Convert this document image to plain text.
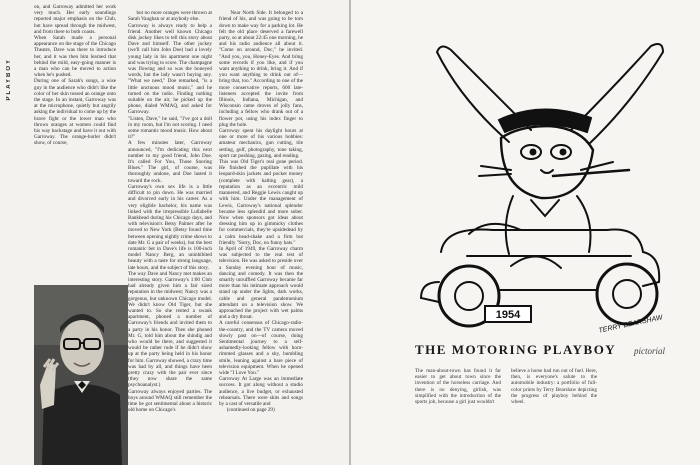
PLAYBOY
on, and Garroway admitted her work very much. Her early soundings reported major emphasis on the Club, but have spread through the midwest, and from there to both coasts.
When Sarah made a personal appearance on the stage of the Chicago Theatre, Dave was there to introduce her, and it was then him learned that behind the mild, easy-going manner is a man who can be moved to action when he's pushed.
During one of Sarah's songs, a wise guy in the audience who didn't like the color of her skin tossed an orange onto the stage. In an instant, Garroway was at the microphone, quietly but angrily asking the individual to come up by the brave fight or the lower man who throws oranges at women could find his way backstage and have it out with Garroway. The orange-hurler didn't show, of course,

but no more oranges were thrown at Sarah Vaughan or at anybody else.
Garroway is always ready to help a friend. Another well known Chicago disk jockey likes to tell this story about Dave and himself. The other jockey (we'll call him John Doe) had a lovely young lady in his apartment one night and was trying to score. The champagne was flowing and so was the honeyed words, but the lady wasn't buying any. "What we need," Doe remarked, "is a little unctuous mood music," and he turned on the radio. Finding nothing suitable on the air, he picked up the phone, dialed WMAQ, and asked for Garroway.
"Listen, Dave," he said, "I've got a doll in my room, but I'm not scoring. I need some romantic mood music. How about it?"
A few minutes later, Garroway announced, "I'm dedicating this next number to my good friend, John Doe. It's called For You, Those Snoring Blues." The girl, of course, was thoroughly undone, and Doe lasted it toward the rock.
Garroway's own sex life is a little difficult to pin down. He was married and divorced early in his career. As a very eligible bachelor, his name was linked with the irrepressible Lullabelle Bankhead during his Chicago days, and with television's Betsy Palmer after he moved to New York (Betsy found time between opening nightly crime shows to date Mr. G a pair of weeks), but the best romantic bet in Dave's life is 100-inch model Nancy Berg, an uninhibited beauty with a taste for strong language, late hours, and the subject of this story.
The way Dave and Nancy met makes an interesting story. Garroway's 1:00 Club had already given him a fair sized reputation in the midwest; Nancy was a gorgeous, but unknown Chicago model. We didn't know Old Tiger, but she wanted to. So she rented a swank apartment, phoned a number of Garroway's friends and invited them to a party in his honor. Then she phoned Mr. G, told him about the shindig and who would be there, and suggested it would be rather rude if he didn't show up at the party being held in his honor for him. Garroway showed, a crazy time was had by all, and things have been pretty crazy with the pair ever since (they now share the same psychoanalyst.)
Garroway always enjoyed parties. The boys around WMAQ still remember the time he got sentimental about a historic old home on Chicago's

Near North Side. It belonged to a friend of his, and was going to be torn down to make way for a parking lot. He felt the old place deserved a farewell party, so at about 22:45 one morning, he and his radio audience all about it. "Come on around, Doc," he invited. "And you, you, Honey-Eyes. And bring some records if you like, and if you want anything to drink, bring it. And if you want anything to drink out of—bring that, too." According to one of the more conservative reports, 600 late-listeners accepted the invite from Illinois, Indiana, Michigan, and Wisconsin came droves of jolly fans, including a fellow who drank out of a flower pot, using his index finger to plug the hole.
Garroway spent his daylight hours at one or more of his various hobbies: amateur mechanics, gun cutting, tile setting, golf, photography, tone taking, sport car pushing, gazing, and reading.
This was Old Tiger's real gone period. He finished the pupillate with his leopard-skin jackets and pocket money (complete with halting gear), a reputation as an eccentric mild mannered, and Reggie Lewis caught up with him. Under the management of Lewis, Garroway's national splendor became less splendid and more sober. Now when sponsors got ideas about dressing him up in gimmicky clothes for commercials, they're upsidedead by a calm head-shake and a firm but friendly "Sorry, Doc, no funny hats."
In April of 1949, the Garroway charm was subjected to the real test of television. He was asked to preside over a Sunday evening hour of music, dancing and comedy. It was then the smartly unruffled Garroway became far more than his intimate approach would stand up under the lights, dark works, cable and general pandemonium attendant on a television show. We approached the project with wet palms and a dry throat.
A careful consensus of Chicago-radio-the-country, and the TV camera moved slowly past on—of course, doing Sentimental journey to a self-ashamedly-looking fellow with horn-rimmed glasses and a shy, bumbling smile, leaning against a bare piece of television equipment. When he opened wide "I Love You."
Garroway At Large was an immediate success. It got along without a studio audience, a live budget, or exhausted rehearsals. There were skits and songs by a cast of versatile and
(continued on page 29)

1954	TERRY BEARSHAW
THE MOTORING PLAYBOY pictorial
The man-about-town has found it far easier to get about town since the invention of the horseless carriage. And there is no denying, girlish, was simplified with the introduction of the sports job, because a girl just wouldn't
believe a horse had run out of fuel. Here, then, is everyone's salute to the automobile industry: a portfolio of full-color prints by Terry Bearshaw depicting the progress of playboy behind the wheel.
